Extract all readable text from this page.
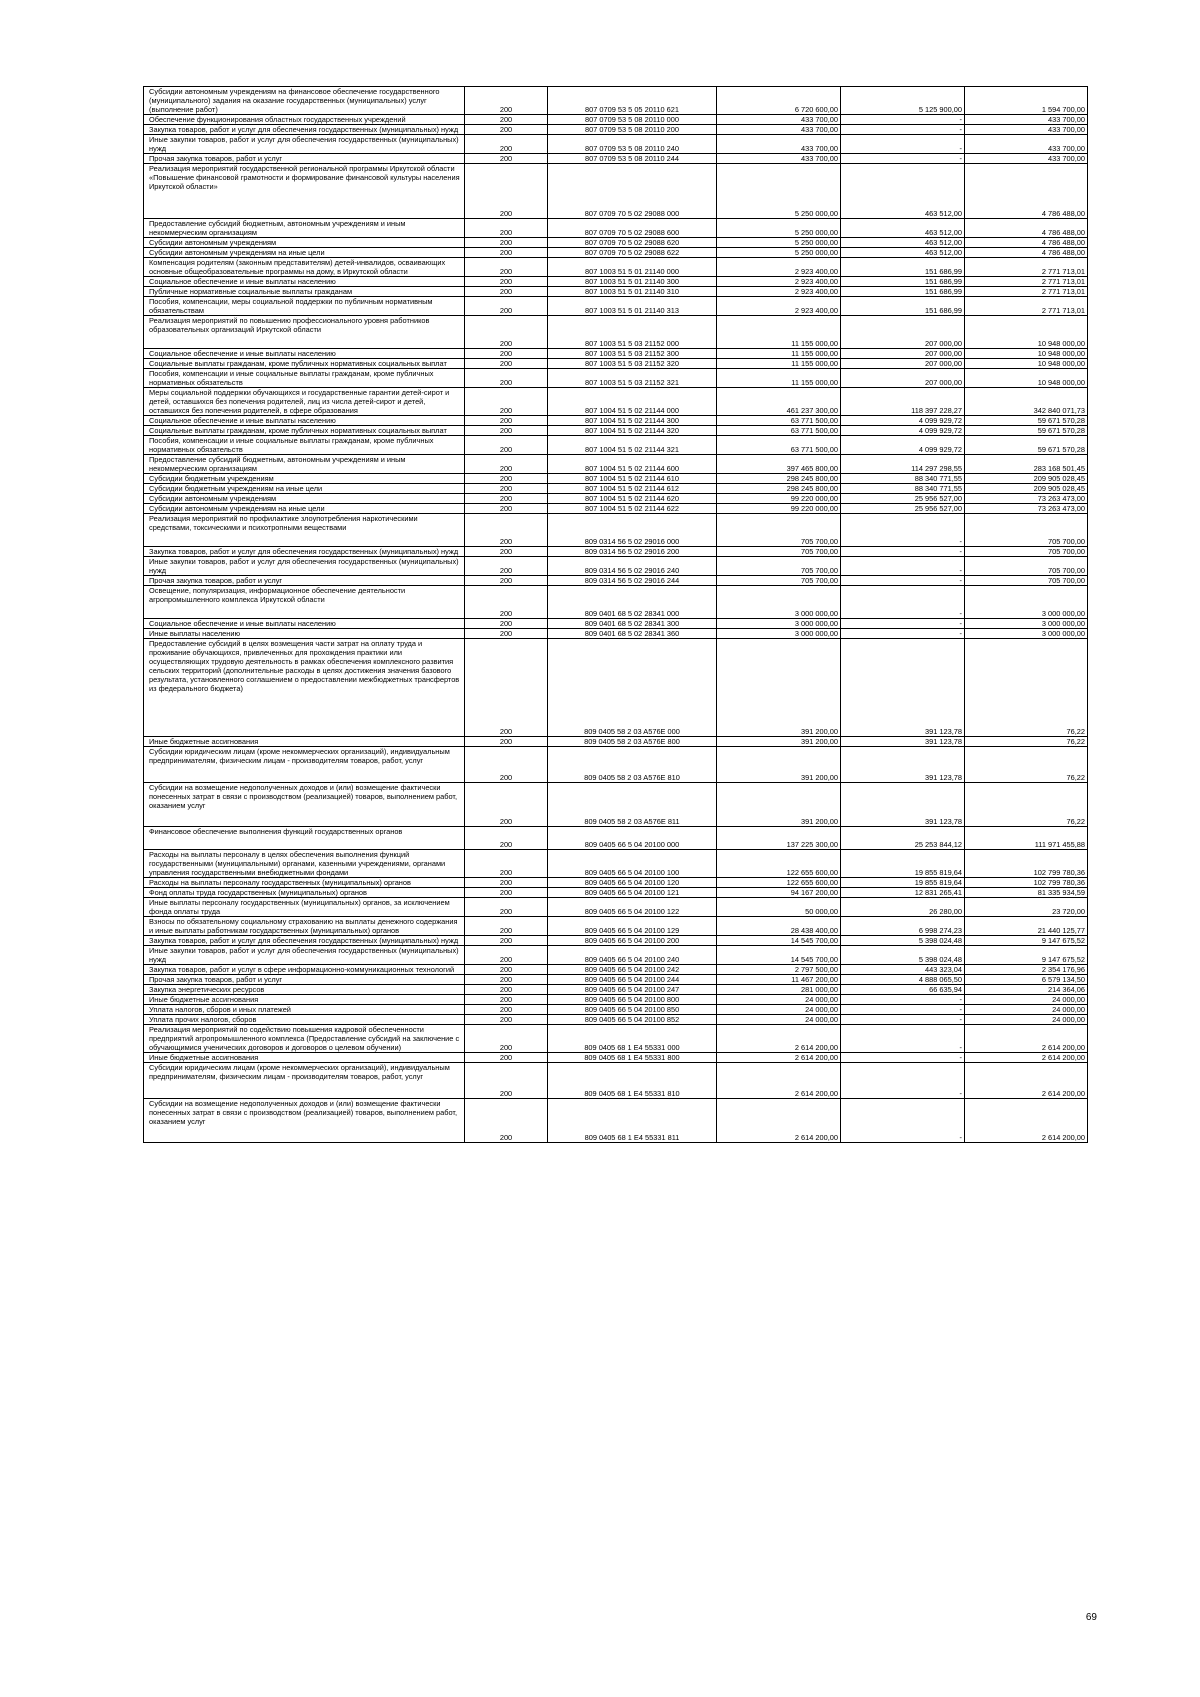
Субсидии автономным учреждениям на финансовое обеспечение государственного (муниципального) задания на оказание государственных (муниципальных) услуг (выполнение работ)	200	807 0709 53 5 05 20110 621	6 720 600,00	5 125 900,00	1 594 700,00

Обеспечение функционирования областных государственных учреждений	200	807 0709 53 5 08 20110 000	433 700,00	-	433 700,00

Закупка товаров, работ и услуг для обеспечения государственных (муниципальных) нужд	200	807 0709 53 5 08 20110 200	433 700,00	-	433 700,00

Иные закупки товаров, работ и услуг для обеспечения государственных (муниципальных) нужд	200	807 0709 53 5 08 20110 240	433 700,00	-	433 700,00

Прочая закупка товаров, работ и услуг	200	807 0709 53 5 08 20110 244	433 700,00	-	433 700,00

Реализация мероприятий государственной региональной программы Иркутской области «Повышение финансовой грамотности и формирование финансовой культуры населения Иркутской области»	200	807 0709 70 5 02 29088 000	5 250 000,00	463 512,00	4 786 488,00

Предоставление субсидий бюджетным, автономным учреждениям и иным некоммерческим организациям	200	807 0709 70 5 02 29088 600	5 250 000,00	463 512,00	4 786 488,00

Субсидии автономным учреждениям	200	807 0709 70 5 02 29088 620	5 250 000,00	463 512,00	4 786 488,00

Субсидии автономным учреждениям на иные цели	200	807 0709 70 5 02 29088 622	5 250 000,00	463 512,00	4 786 488,00

Компенсация родителям (законным представителям) детей-инвалидов, осваивающих основные общеобразовательные программы на дому, в Иркутской области	200	807 1003 51 5 01 21140 000	2 923 400,00	151 686,99	2 771 713,01

Социальное обеспечение и иные выплаты населению	200	807 1003 51 5 01 21140 300	2 923 400,00	151 686,99	2 771 713,01

Публичные нормативные социальные выплаты гражданам	200	807 1003 51 5 01 21140 310	2 923 400,00	151 686,99	2 771 713,01

Пособия, компенсации, меры социальной поддержки по публичным нормативным обязательствам	200	807 1003 51 5 01 21140 313	2 923 400,00	151 686,99	2 771 713,01

Реализация мероприятий по повышению профессионального уровня работников образовательных организаций Иркутской области	200	807 1003 51 5 03 21152 000	11 155 000,00	207 000,00	10 948 000,00

Социальное обеспечение и иные выплаты населению	200	807 1003 51 5 03 21152 300	11 155 000,00	207 000,00	10 948 000,00

Социальные выплаты гражданам, кроме публичных нормативных социальных выплат	200	807 1003 51 5 03 21152 320	11 155 000,00	207 000,00	10 948 000,00

Пособия, компенсации и иные социальные выплаты гражданам, кроме публичных нормативных обязательств	200	807 1003 51 5 03 21152 321	11 155 000,00	207 000,00	10 948 000,00

Меры социальной поддержки обучающихся и государственные гарантии детей-сирот и детей, оставшихся без попечения родителей, лиц из числа детей-сирот и детей, оставшихся без попечения родителей, в сфере образования	200	807 1004 51 5 02 21144 000	461 237 300,00	118 397 228,27	342 840 071,73

Социальное обеспечение и иные выплаты населению	200	807 1004 51 5 02 21144 300	63 771 500,00	4 099 929,72	59 671 570,28

Социальные выплаты гражданам, кроме публичных нормативных социальных выплат	200	807 1004 51 5 02 21144 320	63 771 500,00	4 099 929,72	59 671 570,28

Пособия, компенсации и иные социальные выплаты гражданам, кроме публичных нормативных обязательств	200	807 1004 51 5 02 21144 321	63 771 500,00	4 099 929,72	59 671 570,28

Предоставление субсидий бюджетным, автономным учреждениям и иным некоммерческим организациям	200	807 1004 51 5 02 21144 600	397 465 800,00	114 297 298,55	283 168 501,45

Субсидии бюджетным учреждениям	200	807 1004 51 5 02 21144 610	298 245 800,00	88 340 771,55	209 905 028,45

Субсидии бюджетным учреждениям на иные цели	200	807 1004 51 5 02 21144 612	298 245 800,00	88 340 771,55	209 905 028,45

Субсидии автономным учреждениям	200	807 1004 51 5 02 21144 620	99 220 000,00	25 956 527,00	73 263 473,00

Субсидии автономным учреждениям на иные цели	200	807 1004 51 5 02 21144 622	99 220 000,00	25 956 527,00	73 263 473,00

Реализация мероприятий по профилактике злоупотребления наркотическими средствами, токсическими и психотропными веществами	200	809 0314 56 5 02 29016 000	705 700,00	-	705 700,00

Закупка товаров, работ и услуг для обеспечения государственных (муниципальных) нужд	200	809 0314 56 5 02 29016 200	705 700,00	-	705 700,00

Иные закупки товаров, работ и услуг для обеспечения государственных (муниципальных) нужд	200	809 0314 56 5 02 29016 240	705 700,00	-	705 700,00

Прочая закупка товаров, работ и услуг	200	809 0314 56 5 02 29016 244	705 700,00	-	705 700,00

Освещение, популяризация, информационное обеспечение деятельности агропромышленного комплекса Иркутской области	200	809 0401 68 5 02 28341 000	3 000 000,00	-	3 000 000,00

Социальное обеспечение и иные выплаты населению	200	809 0401 68 5 02 28341 300	3 000 000,00	-	3 000 000,00

Иные выплаты населению	200	809 0401 68 5 02 28341 360	3 000 000,00	-	3 000 000,00

Предоставление субсидий в целях возмещения части затрат на оплату труда и проживание обучающихся, привлеченных для прохождения практики или осуществляющих трудовую деятельность в рамках обеспечения комплексного развития сельских территорий (дополнительные расходы в целях достижения значения базового результата, установленного соглашением о предоставлении межбюджетных трансфертов из федерального бюджета)	200	809 0405 58 2 03 A576E 000	391 200,00	391 123,78	76,22

Иные бюджетные ассигнования	200	809 0405 58 2 03 A576E 800	391 200,00	391 123,78	76,22

Субсидии юридическим лицам (кроме некоммерческих организаций), индивидуальным предпринимателям, физическим лицам - производителям товаров, работ, услуг	200	809 0405 58 2 03 A576E 810	391 200,00	391 123,78	76,22

Субсидии на возмещение недополученных доходов и (или) возмещение фактически понесенных затрат в связи с производством (реализацией) товаров, выполнением работ, оказанием услуг	200	809 0405 58 2 03 A576E 811	391 200,00	391 123,78	76,22

Финансовое обеспечение выполнения функций государственных органов	200	809 0405 66 5 04 20100 000	137 225 300,00	25 253 844,12	111 971 455,88

Расходы на выплаты персоналу в целях обеспечения выполнения функций государственными (муниципальными) органами, казенными учреждениями, органами управления государственными внебюджетными фондами	200	809 0405 66 5 04 20100 100	122 655 600,00	19 855 819,64	102 799 780,36

Расходы на выплаты персоналу государственных (муниципальных) органов	200	809 0405 66 5 04 20100 120	122 655 600,00	19 855 819,64	102 799 780,36

Фонд оплаты труда государственных (муниципальных) органов	200	809 0405 66 5 04 20100 121	94 167 200,00	12 831 265,41	81 335 934,59

Иные выплаты персоналу государственных (муниципальных) органов, за исключением фонда оплаты труда	200	809 0405 66 5 04 20100 122	50 000,00	26 280,00	23 720,00

Взносы по обязательному социальному страхованию на выплаты денежного содержания и иные выплаты работникам государственных (муниципальных) органов	200	809 0405 66 5 04 20100 129	28 438 400,00	6 998 274,23	21 440 125,77

Закупка товаров, работ и услуг для обеспечения государственных (муниципальных) нужд	200	809 0405 66 5 04 20100 200	14 545 700,00	5 398 024,48	9 147 675,52

Иные закупки товаров, работ и услуг для обеспечения государственных (муниципальных) нужд	200	809 0405 66 5 04 20100 240	14 545 700,00	5 398 024,48	9 147 675,52

Закупка товаров, работ и услуг в сфере информационно-коммуникационных технологий	200	809 0405 66 5 04 20100 242	2 797 500,00	443 323,04	2 354 176,96

Прочая закупка товаров, работ и услуг	200	809 0405 66 5 04 20100 244	11 467 200,00	4 888 065,50	6 579 134,50

Закупка энергетических ресурсов	200	809 0405 66 5 04 20100 247	281 000,00	66 635,94	214 364,06

Иные бюджетные ассигнования	200	809 0405 66 5 04 20100 800	24 000,00	-	24 000,00

Уплата налогов, сборов и иных платежей	200	809 0405 66 5 04 20100 850	24 000,00	-	24 000,00

Уплата прочих налогов, сборов	200	809 0405 66 5 04 20100 852	24 000,00	-	24 000,00

Реализация мероприятий по содействию повышения кадровой обеспеченности предприятий агропромышленного комплекса (Предоставление субсидий на заключение с обучающимися ученических договоров и договоров о целевом обучении)	200	809 0405 68 1 E4 55331 000	2 614 200,00	-	2 614 200,00

Иные бюджетные ассигнования	200	809 0405 68 1 E4 55331 800	2 614 200,00	-	2 614 200,00

Субсидии юридическим лицам (кроме некоммерческих организаций), индивидуальным предпринимателям, физическим лицам - производителям товаров, работ, услуг	200	809 0405 68 1 E4 55331 810	2 614 200,00	-	2 614 200,00

Субсидии на возмещение недополученных доходов и (или) возмещение фактически понесенных затрат в связи с производством (реализацией) товаров, выполнением работ, оказанием услуг	200	809 0405 68 1 E4 55331 811	2 614 200,00	-	2 614 200,00
69
